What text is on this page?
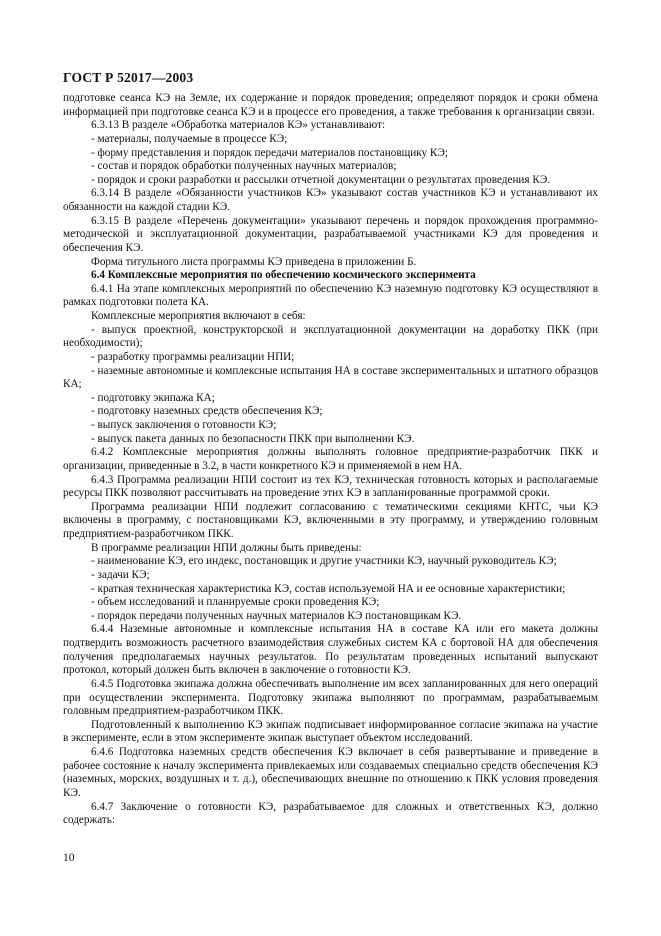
ГОСТ Р 52017—2003

подготовке сеанса КЭ на Земле, их содержание и порядок проведения; определяют порядок и сроки обмена информацией при подготовке сеанса КЭ и в процессе его проведения, а также требования к организации связи.

6.3.13 В разделе «Обработка материалов КЭ» устанавливают:

- материалы, получаемые в процессе КЭ;

- форму представления и порядок передачи материалов постановщику КЭ;

- состав и порядок обработки полученных научных материалов;

- порядок и сроки разработки и рассылки отчетной документации о результатах проведения КЭ.

6.3.14 В разделе «Обязанности участников КЭ» указывают состав участников КЭ и устанавливают их обязанности на каждой стадии КЭ.

6.3.15 В разделе «Перечень документации» указывают перечень и порядок прохождения программно-методической и эксплуатационной документации, разрабатываемой участниками КЭ для проведения и обеспечения КЭ.

Форма титульного листа программы КЭ приведена в приложении Б.

6.4 Комплексные мероприятия по обеспечению космического эксперимента

6.4.1 На этапе комплексных мероприятий по обеспечению КЭ наземную подготовку КЭ осуществляют в рамках подготовки полета КА.

Комплексные мероприятия включают в себя:

- выпуск проектной, конструкторской и эксплуатационной документации на доработку ПКК (при необходимости);

- разработку программы реализации НПИ;

- наземные автономные и комплексные испытания НА в составе экспериментальных и штатного образцов КА;

- подготовку экипажа КА;

- подготовку наземных средств обеспечения КЭ;

- выпуск заключения о готовности КЭ;

- выпуск пакета данных по безопасности ПКК при выполнении КЭ.

6.4.2 Комплексные мероприятия должны выполнять головное предприятие-разработчик ПКК и организации, приведенные в 3.2, в части конкретного КЭ и применяемой в нем НА.

6.4.3 Программа реализации НПИ состоит из тех КЭ, техническая готовность которых и располагаемые ресурсы ПКК позволяют рассчитывать на проведение этих КЭ в запланированные программой сроки.

Программа реализации НПИ подлежит согласованию с тематическими секциями КНТС, чьи КЭ включены в программу, с постановщиками КЭ, включенными в эту программу, и утверждению головным предприятием-разработчиком ПКК.

В программе реализации НПИ должны быть приведены:

- наименование КЭ, его индекс, постановщик и другие участники КЭ, научный руководитель КЭ;

- задачи КЭ;

- краткая техническая характеристика КЭ, состав используемой НА и ее основные характеристики;

- объем исследований и планируемые сроки проведения КЭ;

- порядок передачи полученных научных материалов КЭ постановщикам КЭ.

6.4.4 Наземные автономные и комплексные испытания НА в составе КА или его макета должны подтвердить возможность расчетного взаимодействия служебных систем КА с бортовой НА для обеспечения получения предполагаемых научных результатов. По результатам проведенных испытаний выпускают протокол, который должен быть включен в заключение о готовности КЭ.

6.4.5 Подготовка экипажа должна обеспечивать выполнение им всех запланированных для него операций при осуществлении эксперимента. Подготовку экипажа выполняют по программам, разрабатываемым головным предприятием-разработчиком ПКК.

Подготовленный к выполнению КЭ экипаж подписывает информированное согласие экипажа на участие в эксперименте, если в этом эксперименте экипаж выступает объектом исследований.

6.4.6 Подготовка наземных средств обеспечения КЭ включает в себя развертывание и приведение в рабочее состояние к началу эксперимента привлекаемых или создаваемых специально средств обеспечения КЭ (наземных, морских, воздушных и т. д.), обеспечивающих внешние по отношению к ПКК условия проведения КЭ.

6.4.7 Заключение о готовности КЭ, разрабатываемое для сложных и ответственных КЭ, должно содержать:

10
